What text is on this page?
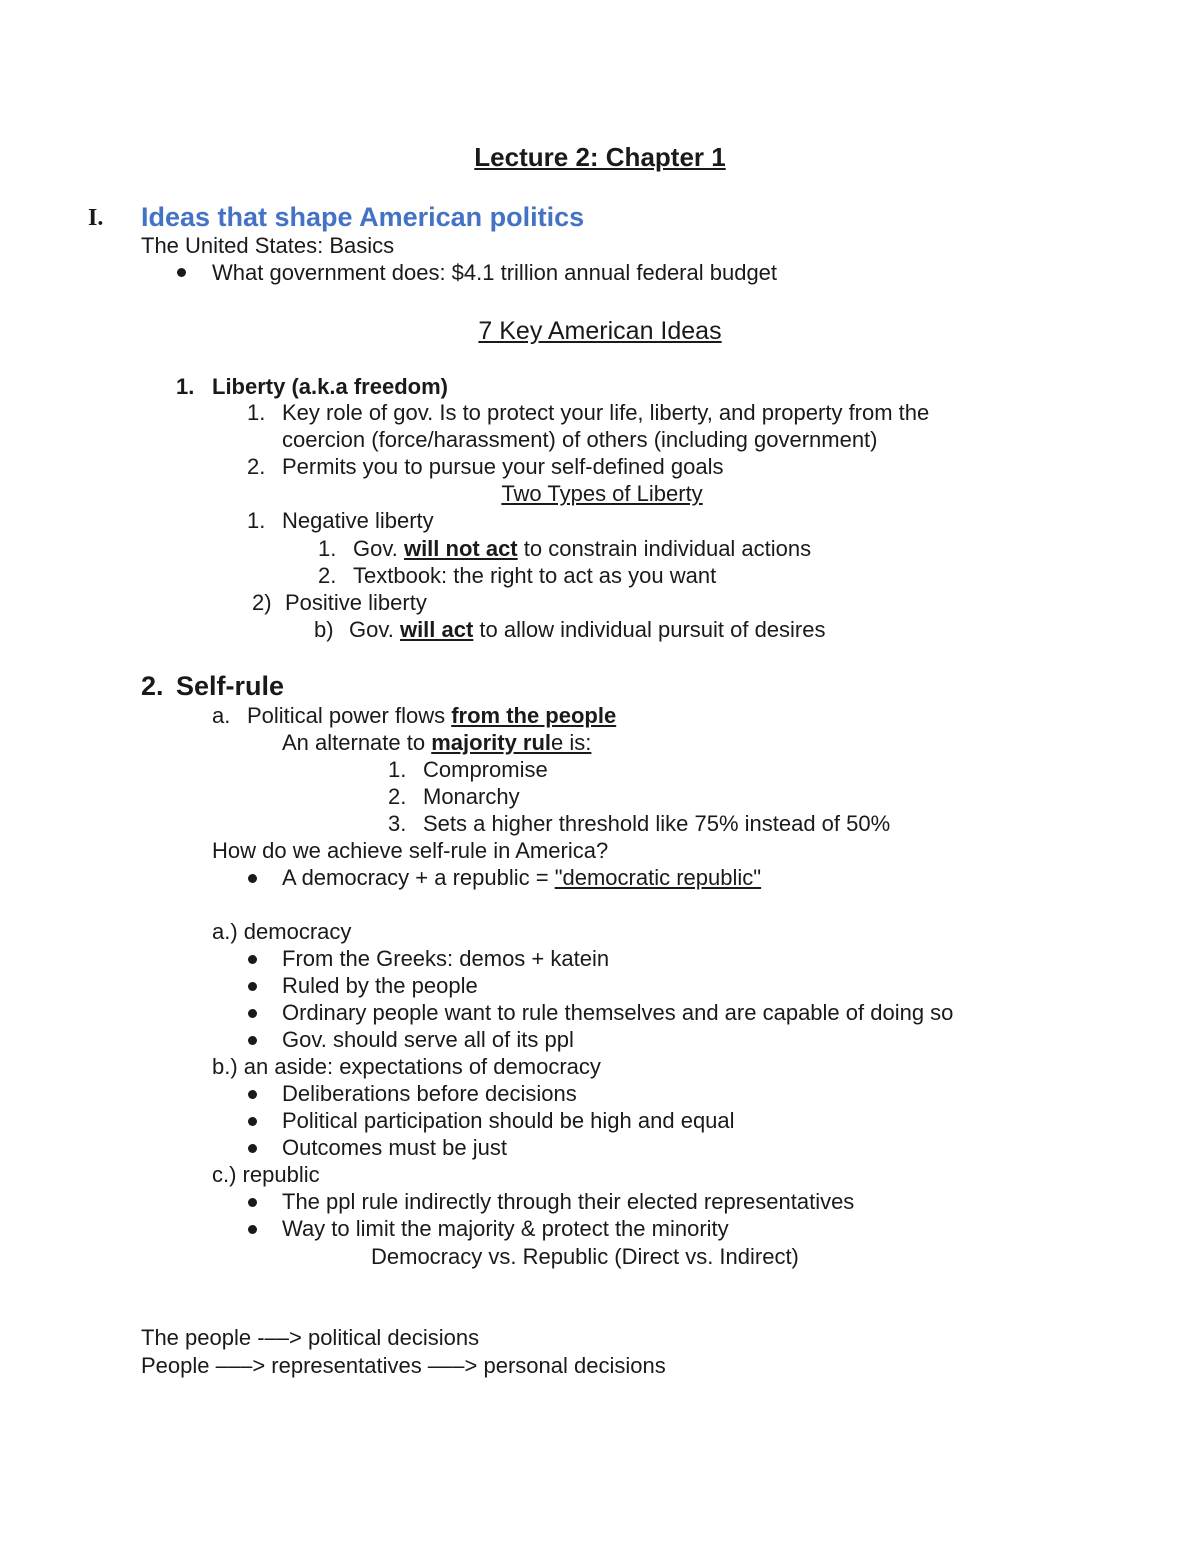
Lecture 2: Chapter 1
I. Ideas that shape American politics
The United States: Basics
What government does: $4.1 trillion annual federal budget
7 Key American Ideas
1. Liberty (a.k.a freedom)
1. Key role of gov. Is to protect your life, liberty, and property from the
coercion (force/harassment) of others (including government)
2. Permits you to pursue your self-defined goals
Two Types of Liberty
1. Negative liberty
1. Gov. will not act to constrain individual actions
2. Textbook: the right to act as you want
2) Positive liberty
b) Gov. will act to allow individual pursuit of desires
2. Self-rule
a. Political power flows from the people
An alternate to majority rule is:
1. Compromise
2. Monarchy
3. Sets a higher threshold like 75% instead of 50%
How do we achieve self-rule in America?
A democracy + a republic = "democratic republic"
a.) democracy
From the Greeks: demos + katein
Ruled by the people
Ordinary people want to rule themselves and are capable of doing so
Gov. should serve all of its ppl
b.) an aside: expectations of democracy
Deliberations before decisions
Political participation should be high and equal
Outcomes must be just
c.) republic
The ppl rule indirectly through their elected representatives
Way to limit the majority & protect the minority
Democracy vs. Republic (Direct vs. Indirect)
The people -––> political decisions
People –––> representatives –––> personal decisions
